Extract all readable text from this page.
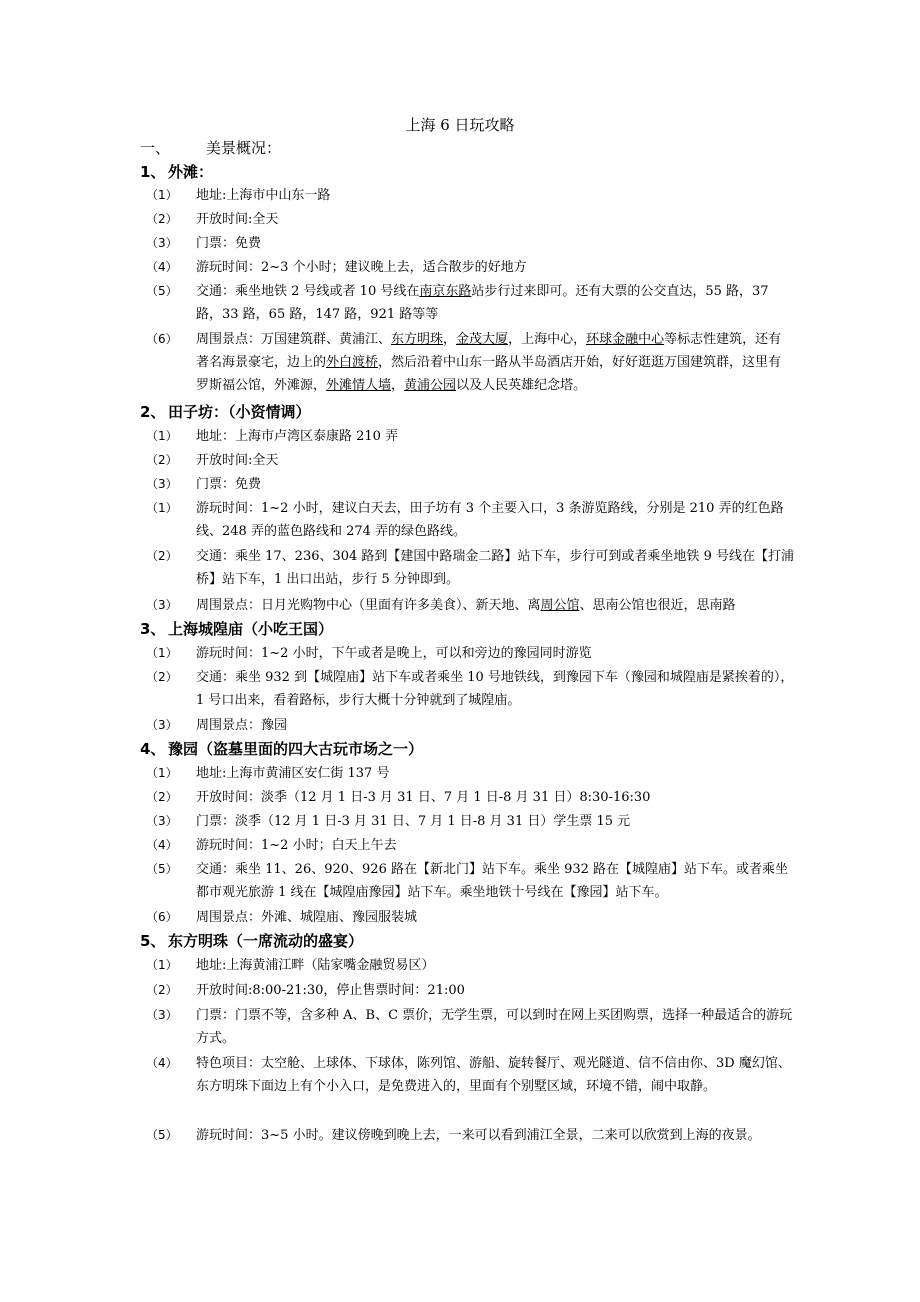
上海 6 日玩攻略
一、 美景概况：
1、 外滩：
（1）	地址:上海市中山东一路
（2）	开放时间:全天
（3）	门票：免费
（4）	游玩时间：2~3 个小时；建议晚上去，适合散步的好地方
（5）	交通：乘坐地铁 2 号线或者 10 号线在南京东路站步行过来即可。还有大票的公交直达，55 路，37 路，33 路，65 路，147 路，921 路等等
（6）	周围景点：万国建筑群、黄浦江、东方明珠，金茂大厦，上海中心，环球金融中心等标志性建筑，还有著名海景豪宅，边上的外白渡桥，然后沿着中山东一路从半岛酒店开始，好好逛逛万国建筑群，这里有罗斯福公馆，外滩源，外滩情人墙，黄浦公园以及人民英雄纪念塔。
2、 田子坊：（小资情调）
（1）	地址：上海市卢湾区泰康路 210 弄
（2）	开放时间:全天
（3）	门票：免费
（1）	游玩时间：1~2 小时，建议白天去，田子坊有 3 个主要入口，3 条游览路线，分别是 210 弄的红色路线、248 弄的蓝色路线和 274 弄的绿色路线。
（2）	交通：乘坐 17、236、304 路到【建国中路瑞金二路】站下车，步行可到或者乘坐地铁 9 号线在【打浦桥】站下车，1 出口出站，步行 5 分钟即到。
（3）	周围景点：日月光购物中心（里面有许多美食）、新天地、离周公馆、思南公馆也很近，思南路
3、 上海城隍庙（小吃王国）
（1）	游玩时间：1~2 小时，下午或者是晚上，可以和旁边的豫园同时游览
（2）	交通：乘坐 932 到【城隍庙】站下车或者乘坐 10 号地铁线，到豫园下车（豫园和城隍庙是紧挨着的），1 号口出来，看着路标，步行大概十分钟就到了城隍庙。
（3）	周围景点：豫园
4、 豫园（盗墓里面的四大古玩市场之一）
（1）	地址:上海市黄浦区安仁街 137 号
（2）	开放时间：淡季（12 月 1 日-3 月 31 日、7 月 1 日-8 月 31 日）8:30-16:30
（3）	门票：淡季（12 月 1 日-3 月 31 日、7 月 1 日-8 月 31 日）学生票 15 元
（4）	游玩时间：1~2 小时；白天上午去
（5）	交通：乘坐 11、26、920、926 路在【新北门】站下车。乘坐 932 路在【城隍庙】站下车。或者乘坐都市观光旅游 1 线在【城隍庙豫园】站下车。乘坐地铁十号线在【豫园】站下车。
（6）	周围景点：外滩、城隍庙、豫园服装城
5、 东方明珠（一席流动的盛宴）
（1）	地址:上海黄浦江畔（陆家嘴金融贸易区）
（2）	开放时间:8:00-21:30，停止售票时间：21:00
（3）	门票：门票不等，含多种 A、B、C 票价，无学生票，可以到时在网上买团购票，选择一种最适合的游玩方式。
（4）	特色项目：太空舱、上球体、下球体，陈列馆、游船、旋转餐厅、观光隧道、信不信由你、3D 魔幻馆、东方明珠下面边上有个小入口，是免费进入的，里面有个别墅区域，环境不错，闹中取静。
（5）	游玩时间：3~5 小时。建议傍晚到晚上去，一来可以看到浦江全景，二来可以欣赏到上海的夜景。
